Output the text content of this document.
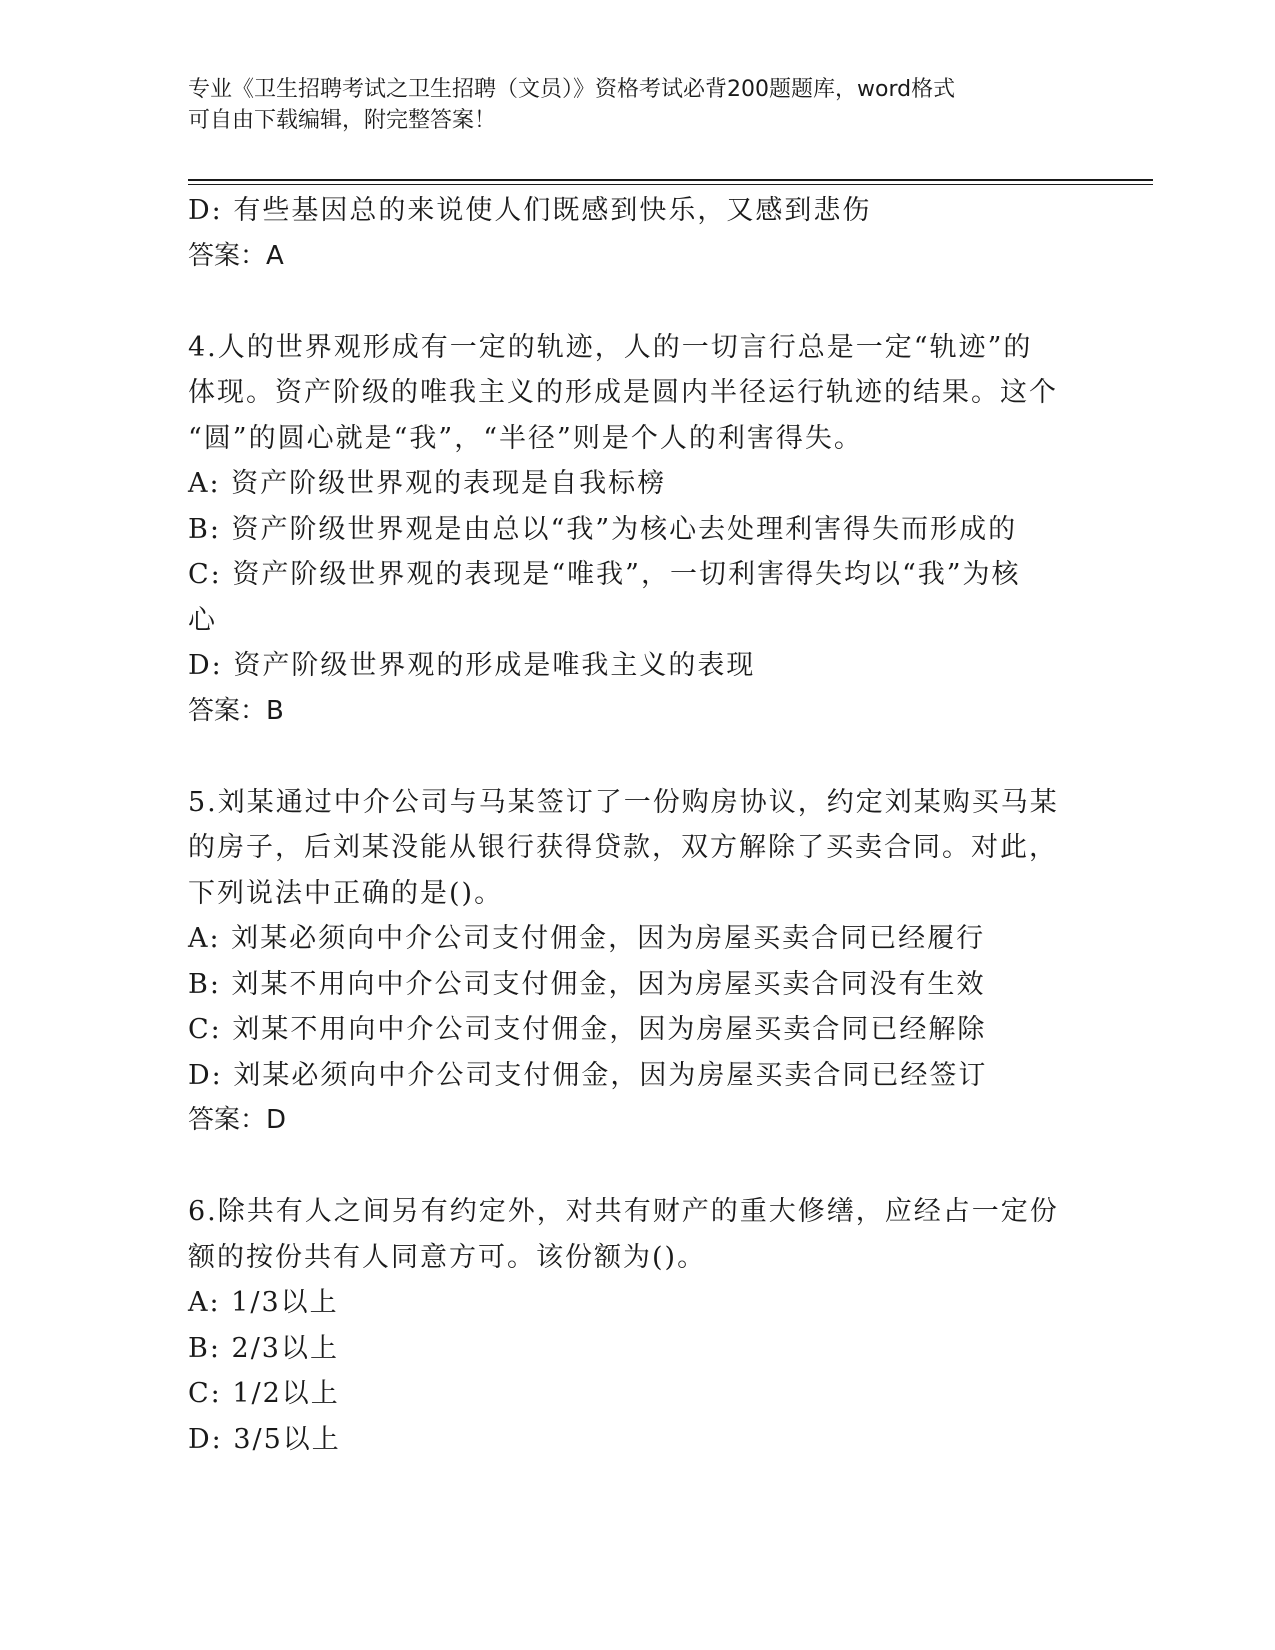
专业《卫生招聘考试之卫生招聘（文员）》资格考试必背200题题库，word格式
可自由下载编辑，附完整答案！
D: 有些基因总的来说使人们既感到快乐，又感到悲伤
答案：A
4.人的世界观形成有一定的轨迹，人的一切言行总是一定“轨迹”的
体现。资产阶级的唯我主义的形成是圆内半径运行轨迹的结果。这个
“圆”的圆心就是“我”，“半径”则是个人的利害得失。
A: 资产阶级世界观的表现是自我标榜
B: 资产阶级世界观是由总以“我”为核心去处理利害得失而形成的
C: 资产阶级世界观的表现是“唯我”，一切利害得失均以“我”为核
心
D: 资产阶级世界观的形成是唯我主义的表现
答案：B
5.刘某通过中介公司与马某签订了一份购房协议，约定刘某购买马某
的房子，后刘某没能从银行获得贷款，双方解除了买卖合同。对此，
下列说法中正确的是()。
A: 刘某必须向中介公司支付佣金，因为房屋买卖合同已经履行
B: 刘某不用向中介公司支付佣金，因为房屋买卖合同没有生效
C: 刘某不用向中介公司支付佣金，因为房屋买卖合同已经解除
D: 刘某必须向中介公司支付佣金，因为房屋买卖合同已经签订
答案：D
6.除共有人之间另有约定外，对共有财产的重大修缮，应经占一定份
额的按份共有人同意方可。该份额为()。
A: 1/3以上
B: 2/3以上
C: 1/2以上
D: 3/5以上
